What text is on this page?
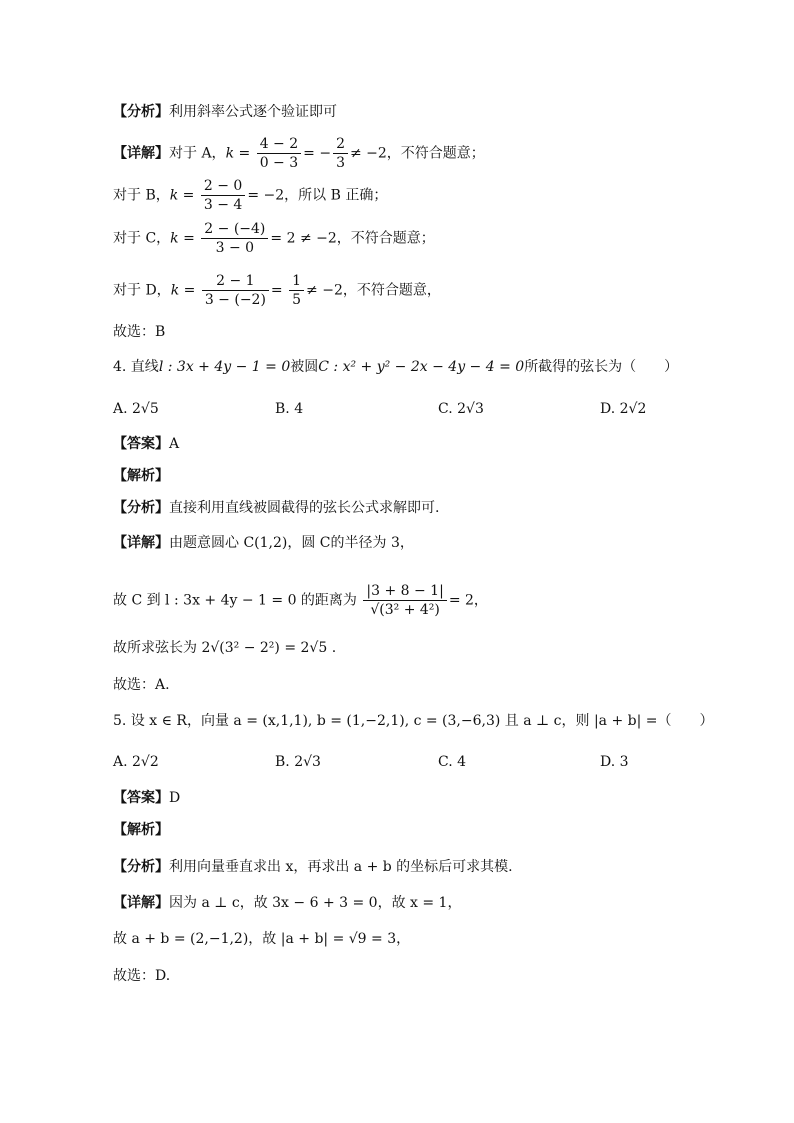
【分析】利用斜率公式逐个验证即可
【详解】对于 A，$k = \frac{4 - 2}{0 - 3}$ = − $\frac{2}{3} \ne -2$，不符合题意；
对于 B，$k = \frac{2 - 0}{3 - 4} = -2$，所以 B 正确；
对于 C，$k = \frac{2 - (-4)}{3 - 0} = 2 \ne -2$，不符合题意；
对于 D，$k = \frac{2 - 1}{3 - (-2)} = \frac{1}{5} \ne -2$，不符合题意，
故选：B
4. 直线l : 3x + 4y − 1 = 0被圆C : x² + y² − 2x − 4y − 4 = 0所截得的弦长为（　　）
A. 2√5	B. 4	C. 2√3	D. 2√2
【答案】A
【解析】
【分析】直接利用直线被圆截得的弦长公式求解即可.
【详解】由题意圆心 C(1,2)，圆 C的半径为 3，
故 C 到 l : 3x + 4y − 1 = 0 的距离为 $\frac{|3 + 8 - 1|}{\text{√(3² + 4²)}} = 2$，
故所求弦长为 2√(3² − 2²) = 2√5 .
故选：A.
5. 设 x ∈ R，向量 a = (x,1,1), b = (1,−2,1), c = (3,−6,3) 且 a ⊥ c，则 |a + b| =（　　）
A. 2√2	B. 2√3	C. 4	D. 3
【答案】D
【解析】
【分析】利用向量垂直求出 x，再求出 a + b 的坐标后可求其模.
【详解】因为 a ⊥ c，故 3x − 6 + 3 = 0，故 x = 1，
故 a + b = (2,−1,2)，故 |a + b| = √9 = 3，
故选：D.
